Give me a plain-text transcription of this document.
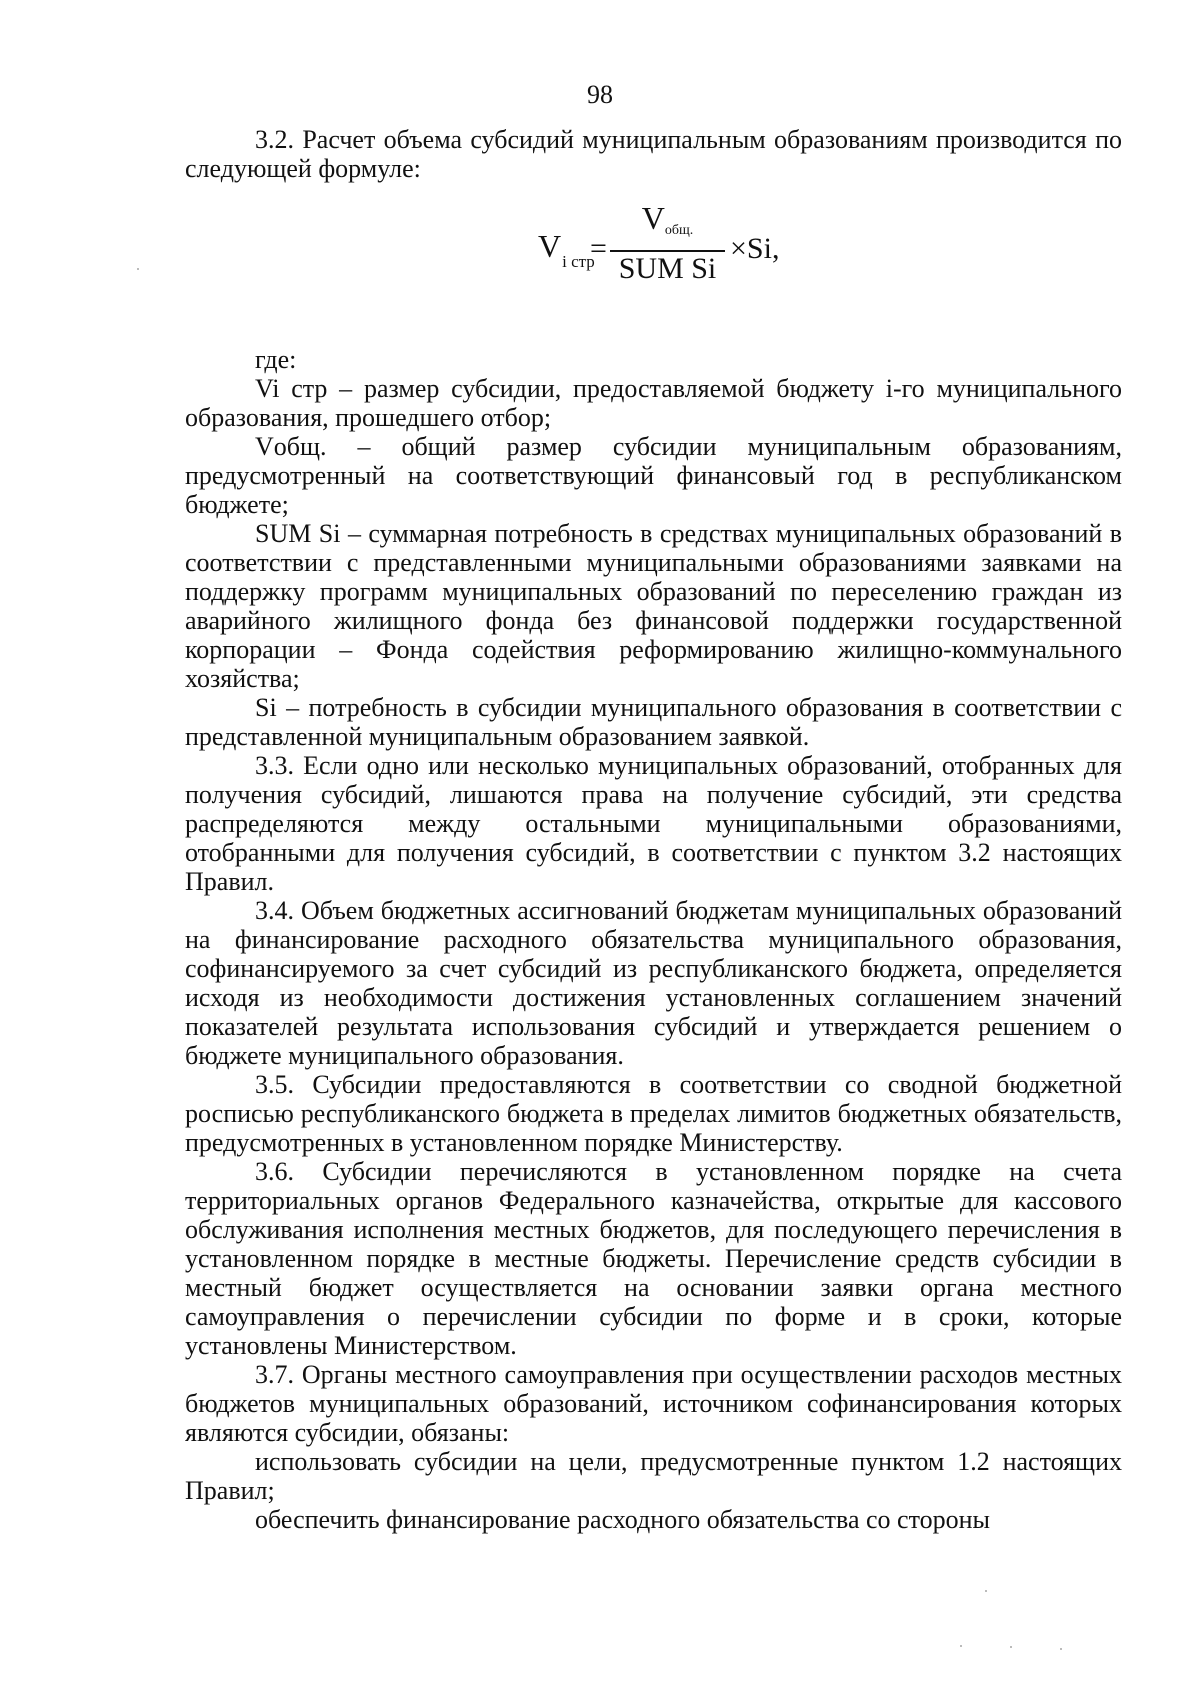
98

3.2. Расчет объема субсидий муниципальным образованиям производится по следующей формуле:

$V_{i стр}$
=
Vобщ.
SUM Si
×Si,

где:

Vi стр – размер субсидии, предоставляемой бюджету i-го муниципального образования, прошедшего отбор;

Vобщ. – общий размер субсидии муниципальным образованиям, предусмотренный на соответствующий финансовый год в республиканском бюджете;

SUM Si – суммарная потребность в средствах муниципальных образований в соответствии с представленными муниципальными образованиями заявками на поддержку программ муниципальных образований по переселению граждан из аварийного жилищного фонда без финансовой поддержки государственной корпорации – Фонда содействия реформированию жилищно-коммунального хозяйства;

Si – потребность в субсидии муниципального образования в соответствии с представленной муниципальным образованием заявкой.

3.3. Если одно или несколько муниципальных образований, отобранных для получения субсидий, лишаются права на получение субсидий, эти средства распределяются между остальными муниципальными образованиями, отобранными для получения субсидий, в соответствии с пунктом 3.2 настоящих Правил.

3.4. Объем бюджетных ассигнований бюджетам муниципальных образований на финансирование расходного обязательства муниципального образования, софинансируемого за счет субсидий из республиканского бюджета, определяется исходя из необходимости достижения установленных соглашением значений показателей результата использования субсидий и утверждается решением о бюджете муниципального образования.

3.5. Субсидии предоставляются в соответствии со сводной бюджетной росписью республиканского бюджета в пределах лимитов бюджетных обязательств, предусмотренных в установленном порядке Министерству.

3.6. Субсидии перечисляются в установленном порядке на счета территориальных органов Федерального казначейства, открытые для кассового обслуживания исполнения местных бюджетов, для последующего перечисления в установленном порядке в местные бюджеты. Перечисление средств субсидии в местный бюджет осуществляется на основании заявки органа местного самоуправления о перечислении субсидии по форме и в сроки, которые установлены Министерством.

3.7. Органы местного самоуправления при осуществлении расходов местных бюджетов муниципальных образований, источником софинансирования которых являются субсидии, обязаны:

использовать субсидии на цели, предусмотренные пунктом 1.2 настоящих Правил;

обеспечить финансирование расходного обязательства со стороны
